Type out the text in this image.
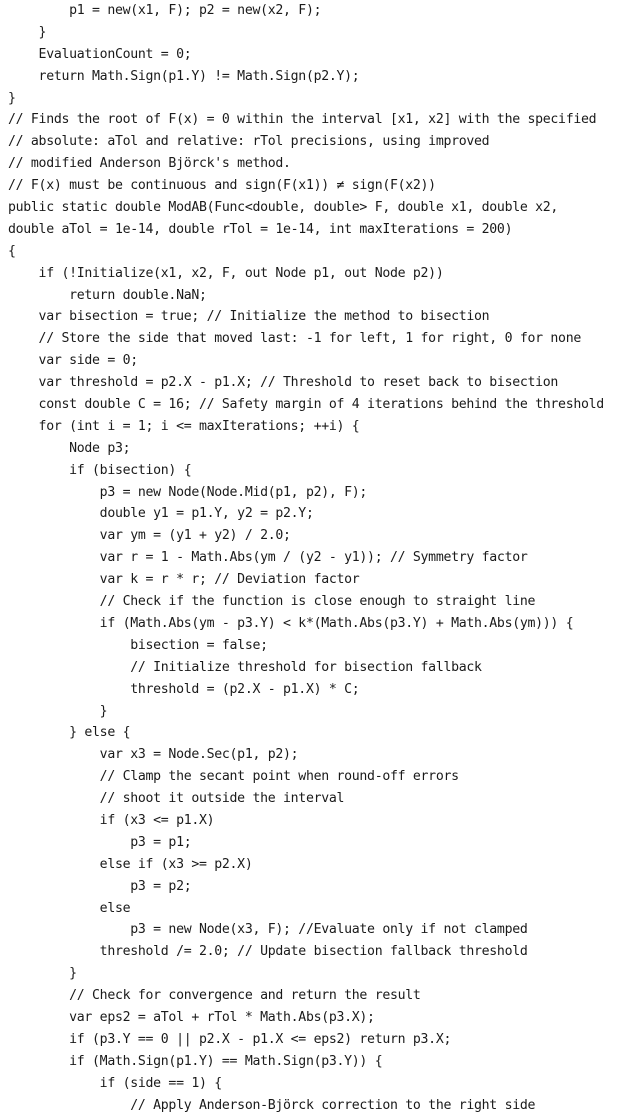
p1 = new(x1, F); p2 = new(x2, F);
}
EvaluationCount = 0;
return Math.Sign(p1.Y) != Math.Sign(p2.Y);
}
// Finds the root of F(x) = 0 within the interval [x1, x2] with the specified
// absolute: aTol and relative: rTol precisions, using improved
// modified Anderson Björck's method.
// F(x) must be continuous and sign(F(x1)) ≠ sign(F(x2))
public static double ModAB(Func<double, double> F, double x1, double x2,
double aTol = 1e-14, double rTol = 1e-14, int maxIterations = 200)
{
if (!Initialize(x1, x2, F, out Node p1, out Node p2))
return double.NaN;
var bisection = true; // Initialize the method to bisection
// Store the side that moved last: -1 for left, 1 for right, 0 for none
var side = 0;
var threshold = p2.X - p1.X; // Threshold to reset back to bisection
const double C = 16; // Safety margin of 4 iterations behind the threshold
for (int i = 1; i <= maxIterations; ++i) {
Node p3;
if (bisection) {
p3 = new Node(Node.Mid(p1, p2), F);
double y1 = p1.Y, y2 = p2.Y;
var ym = (y1 + y2) / 2.0;
var r = 1 - Math.Abs(ym / (y2 - y1)); // Symmetry factor
var k = r * r; // Deviation factor
// Check if the function is close enough to straight line
if (Math.Abs(ym - p3.Y) < k*(Math.Abs(p3.Y) + Math.Abs(ym))) {
bisection = false;
// Initialize threshold for bisection fallback
threshold = (p2.X - p1.X) * C;
}
} else {
var x3 = Node.Sec(p1, p2);
// Clamp the secant point when round-off errors
// shoot it outside the interval
if (x3 <= p1.X)
p3 = p1;
else if (x3 >= p2.X)
p3 = p2;
else
p3 = new Node(x3, F); //Evaluate only if not clamped
threshold /= 2.0; // Update bisection fallback threshold
}
// Check for convergence and return the result
var eps2 = aTol + rTol * Math.Abs(p3.X);
if (p3.Y == 0 || p2.X - p1.X <= eps2) return p3.X;
if (Math.Sign(p1.Y) == Math.Sign(p3.Y)) {
if (side == 1) {
// Apply Anderson-Björck correction to the right side
